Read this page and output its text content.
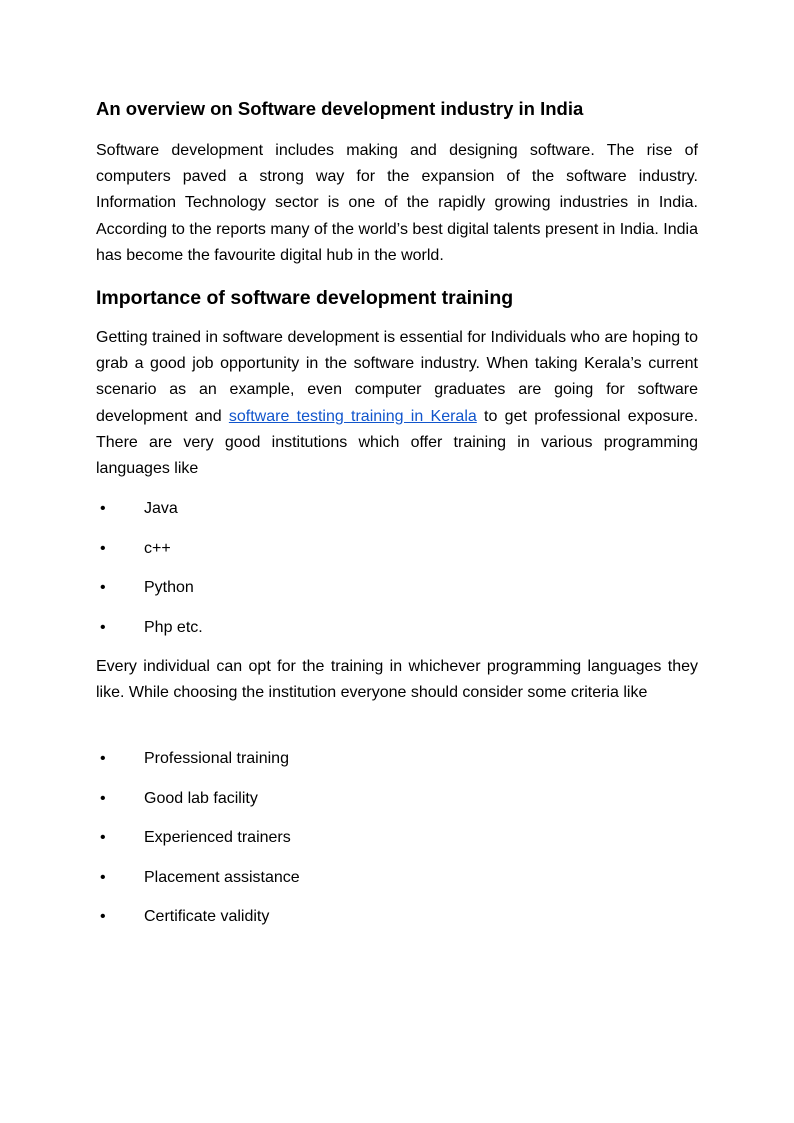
An overview on Software development industry in India

Software development includes making and designing software. The rise of computers paved a strong way for the expansion of the software industry. Information Technology sector is one of the rapidly growing industries in India. According to the reports many of the world’s best digital talents present in India. India has become the favourite digital hub in the world.

Importance of software development training

Getting trained in software development is essential for Individuals who are hoping to grab a good job opportunity in the software industry. When taking Kerala’s current scenario as an example, even computer graduates are going for software development and software testing training in Kerala to get professional exposure. There are very good institutions which offer training in various programming languages like

• Java
• c++
• Python
• Php etc.

Every individual can opt for the training in whichever programming languages they like. While choosing the institution everyone should consider some criteria like

• Professional training
• Good lab facility
• Experienced trainers
• Placement assistance
• Certificate validity
